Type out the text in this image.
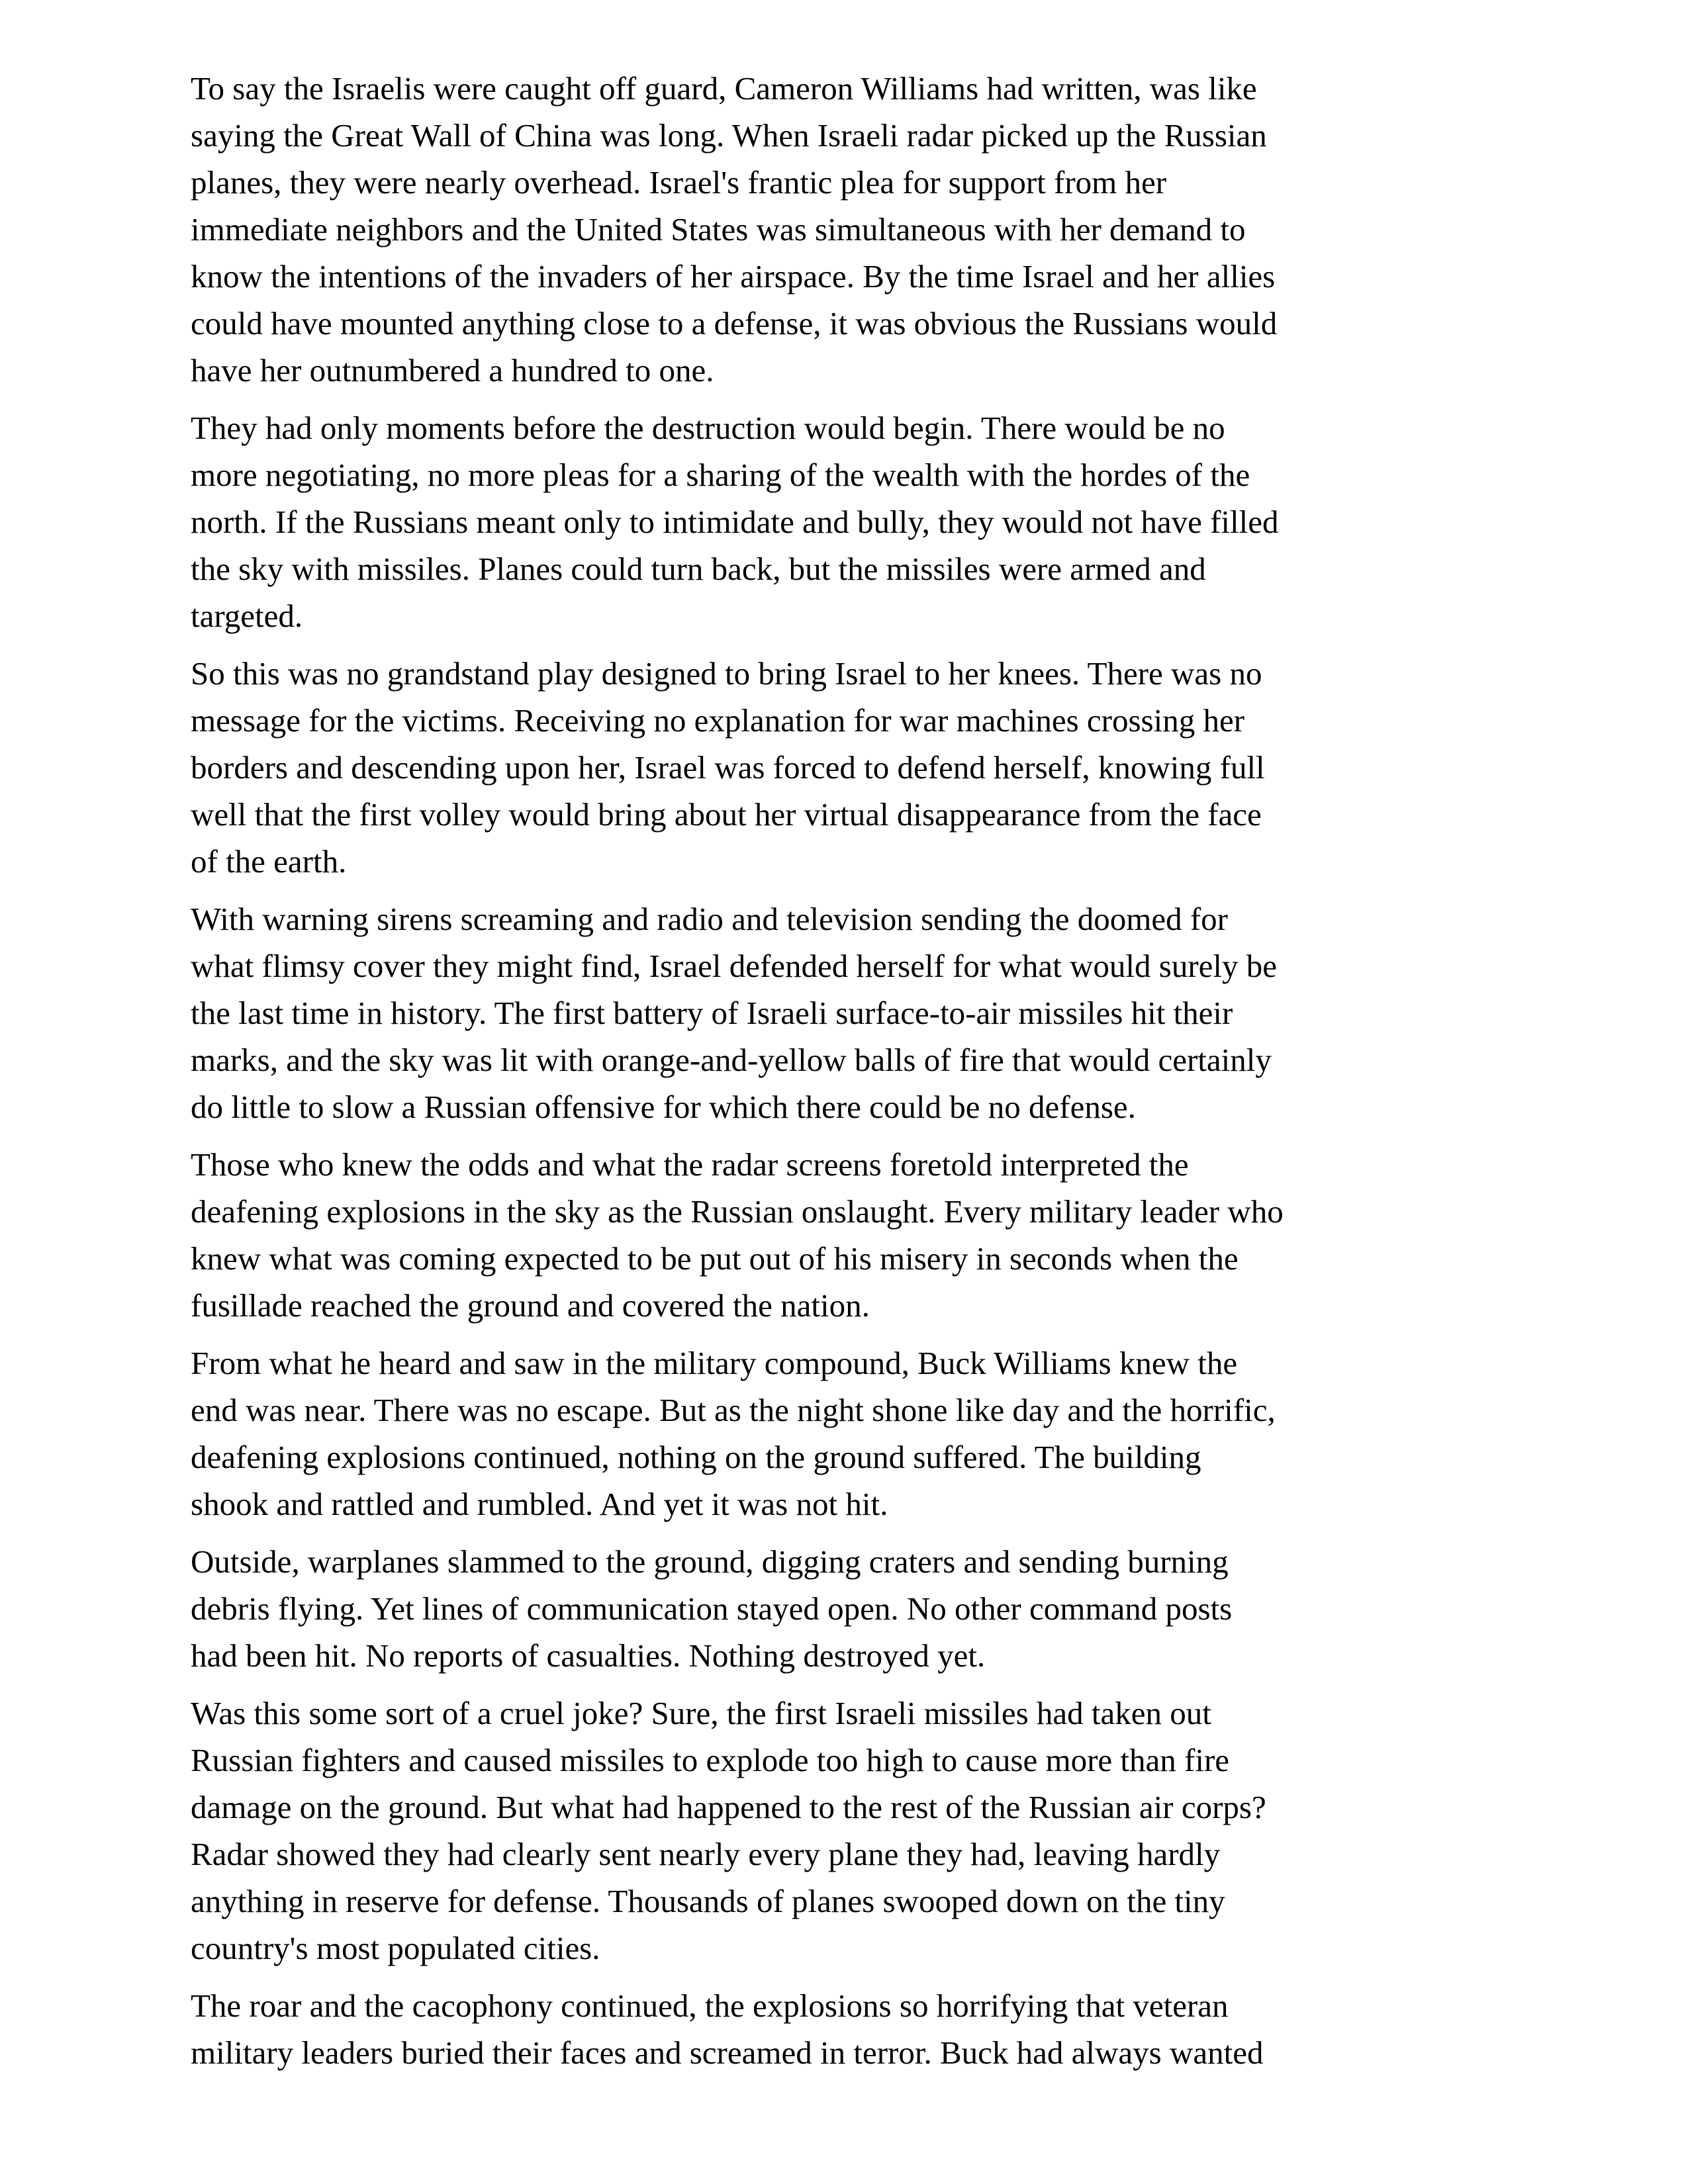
To say the Israelis were caught off guard, Cameron Williams had written, was like
saying the Great Wall of China was long. When Israeli radar picked up the Russian
planes, they were nearly overhead. Israel's frantic plea for support from her
immediate neighbors and the United States was simultaneous with her demand to
know the intentions of the invaders of her airspace. By the time Israel and her allies
could have mounted anything close to a defense, it was obvious the Russians would
have her outnumbered a hundred to one.

They had only moments before the destruction would begin. There would be no
more negotiating, no more pleas for a sharing of the wealth with the hordes of the
north. If the Russians meant only to intimidate and bully, they would not have filled
the sky with missiles. Planes could turn back, but the missiles were armed and
targeted.

So this was no grandstand play designed to bring Israel to her knees. There was no
message for the victims. Receiving no explanation for war machines crossing her
borders and descending upon her, Israel was forced to defend herself, knowing full
well that the first volley would bring about her virtual disappearance from the face
of the earth.

With warning sirens screaming and radio and television sending the doomed for
what flimsy cover they might find, Israel defended herself for what would surely be
the last time in history. The first battery of Israeli surface-to-air missiles hit their
marks, and the sky was lit with orange-and-yellow balls of fire that would certainly
do little to slow a Russian offensive for which there could be no defense.

Those who knew the odds and what the radar screens foretold interpreted the
deafening explosions in the sky as the Russian onslaught. Every military leader who
knew what was coming expected to be put out of his misery in seconds when the
fusillade reached the ground and covered the nation.

From what he heard and saw in the military compound, Buck Williams knew the
end was near. There was no escape. But as the night shone like day and the horrific,
deafening explosions continued, nothing on the ground suffered. The building
shook and rattled and rumbled. And yet it was not hit.

Outside, warplanes slammed to the ground, digging craters and sending burning
debris flying. Yet lines of communication stayed open. No other command posts
had been hit. No reports of casualties. Nothing destroyed yet.

Was this some sort of a cruel joke? Sure, the first Israeli missiles had taken out
Russian fighters and caused missiles to explode too high to cause more than fire
damage on the ground. But what had happened to the rest of the Russian air corps?
Radar showed they had clearly sent nearly every plane they had, leaving hardly
anything in reserve for defense. Thousands of planes swooped down on the tiny
country's most populated cities.

The roar and the cacophony continued, the explosions so horrifying that veteran
military leaders buried their faces and screamed in terror. Buck had always wanted
